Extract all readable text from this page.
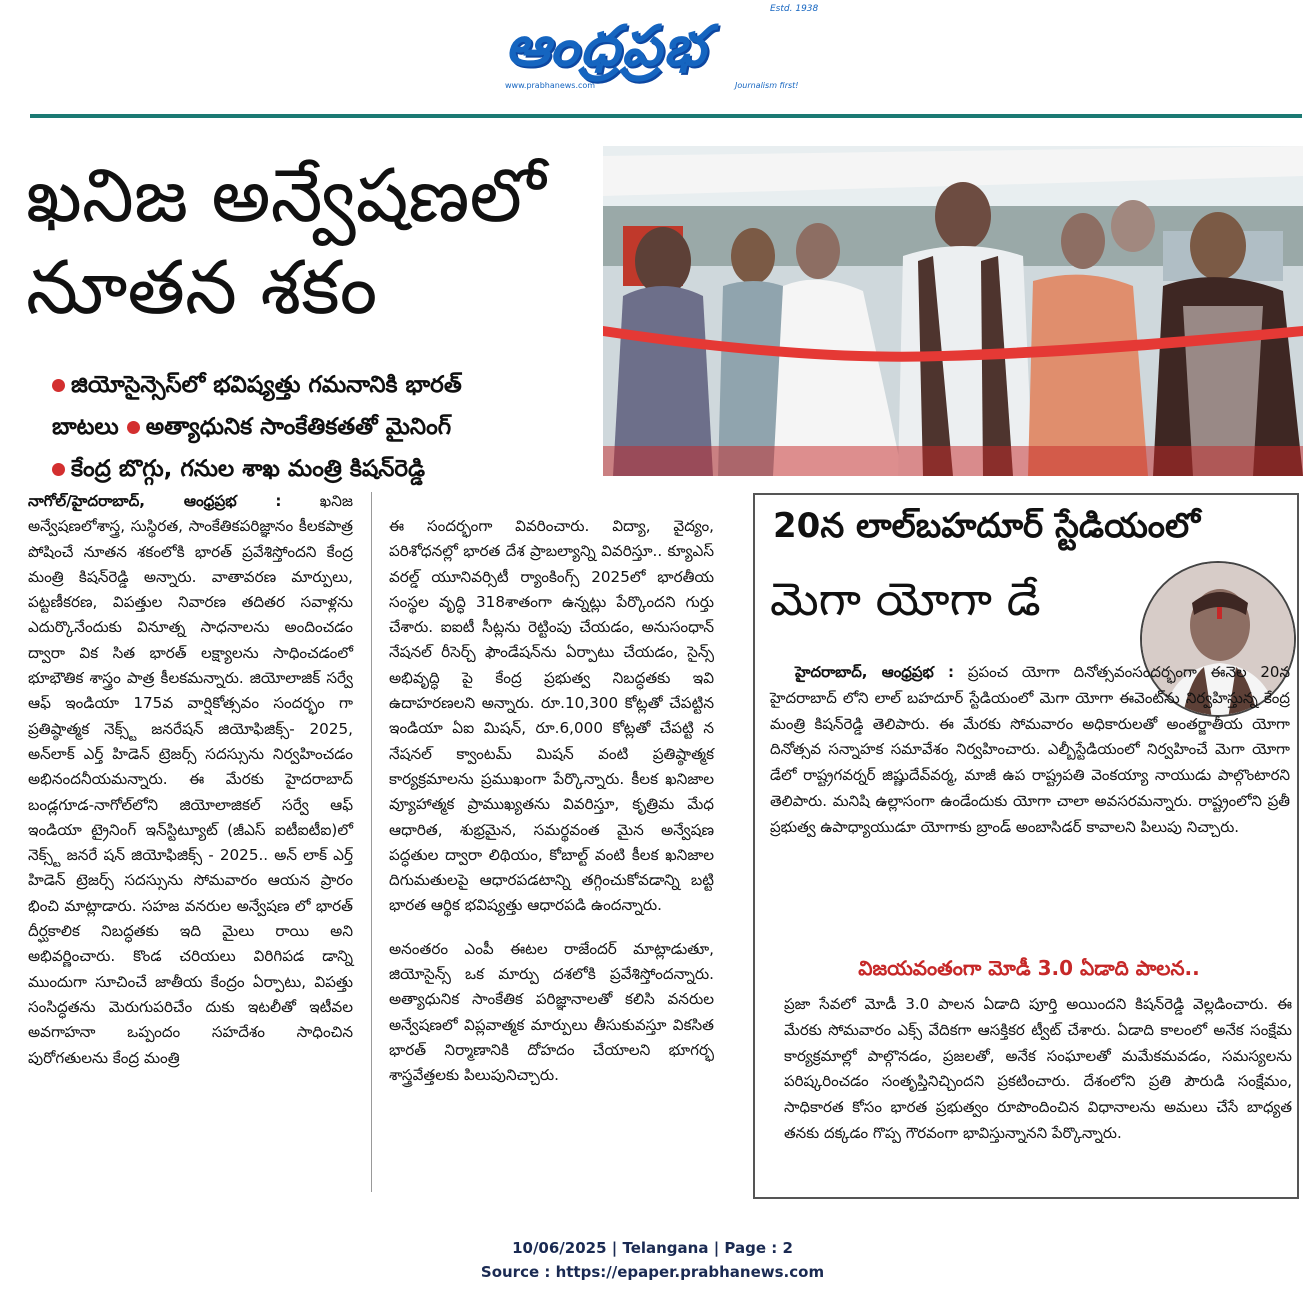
Estd. 1938
ఆంధ్రప్రభ
www.prabhanews.com	Journalism first!
ఖనిజ అన్వేషణలో
నూతన శకం
జియోసైన్సెస్‌లో భవిష్యత్తు గమనానికి భారత్
బాటలు అత్యాధునిక సాంకేతికతతో మైనింగ్
కేంద్ర బొగ్గు, గనుల శాఖ మంత్రి కిషన్‌రెడ్డి
నాగోల్/హైదరాబాద్, ఆంధ్రప్రభ :	ఖనిజ అన్వేషణలోశాస్త్ర, సుస్థిరత, సాంకేతికపరిజ్ఞానం కీలకపాత్ర పోషించే నూతన శకంలోకి భారత్ ప్రవేశిస్తోందని కేంద్ర మంత్రి కిషన్‌రెడ్డి అన్నారు. వాతావరణ మార్పులు, పట్టణీకరణ, విపత్తుల నివారణ తదితర సవాళ్లను ఎదుర్కొనేందుకు వినూత్న సాధనాలను అందించడం ద్వారా విక సిత భారత్ లక్ష్యాలను సాధించడంలో భూభౌతిక శాస్త్రం పాత్ర కీలకమన్నారు. జియోలాజిక్ సర్వే ఆఫ్ ఇండియా 175వ వార్షికోత్సవం సందర్భం గా ప్రతిష్ఠాత్మక నెక్స్ట్ జనరేషన్ జియోఫిజిక్స్- 2025, అన్‌లాక్ ఎర్త్ హిడెన్ ట్రెజర్స్ సదస్సును నిర్వహించడం అభినందనీయమన్నారు. ఈ మేరకు హైదరాబాద్ బండ్లగూడ-నాగోల్‌లోని జియోలాజికల్ సర్వే ఆఫ్ ఇండియా ట్రైనింగ్ ఇన్‌స్టిట్యూట్ (జీఎస్ ఐటీఐటీఐ)లో నెక్స్ట్ జనరే షన్ జియోఫిజిక్స్ - 2025.. అన్ లాక్ ఎర్త్ హిడెన్ ట్రెజర్స్ సదస్సును సోమవారం ఆయన ప్రారం భించి మాట్లాడారు. సహజ వనరుల అన్వేషణ లో భారత్ దీర్ఘకాలిక నిబద్ధతకు ఇది మైలు రాయి అని అభివర్ణించారు. కొండ చరియలు విరిగిపడ డాన్ని ముందుగా సూచించే జాతీయ కేంద్రం ఏర్పాటు, విపత్తు సంసిద్ధతను మెరుగుపరిచేం దుకు ఇటలీతో ఇటీవల అవగాహనా ఒప్పందం సహదేశం సాధించిన పురోగతులను కేంద్ర మంత్రి
ఈ సందర్భంగా వివరించారు. విద్యా, వైద్యం, పరిశోధనల్లో భారత దేశ ప్రాబల్యాన్ని వివరిస్తూ.. క్యూఎస్ వరల్డ్ యూనివర్సిటీ ర్యాంకింగ్స్ 2025లో భారతీయ సంస్థల వృద్ధి 318శాతంగా ఉన్నట్లు పేర్కొందని గుర్తు చేశారు. ఐఐటీ సీట్లను రెట్టింపు చేయడం, అనుసంధాన్ నేషనల్ రీసెర్చ్ ఫౌండేషన్‌ను ఏర్పాటు చేయడం, సైన్స్ అభివృద్ధి పై కేంద్ర ప్రభుత్వ నిబద్ధతకు ఇవి ఉదాహరణలని అన్నారు. రూ.10,300 కోట్లతో చేపట్టిన ఇండియా ఏఐ మిషన్, రూ.6,000 కోట్లతో చేపట్టి న నేషనల్ క్వాంటమ్ మిషన్ వంటి ప్రతిష్ఠాత్మక కార్యక్రమాలను ప్రముఖంగా పేర్కొన్నారు. కీలక ఖనిజాల వ్యూహాత్మక ప్రాముఖ్యతను వివరిస్తూ, కృత్రిమ మేధ ఆధారిత, శుభ్రమైన, సమర్థవంత మైన అన్వేషణ పద్ధతుల ద్వారా లిథియం, కోబాల్ట్ వంటి కీలక ఖనిజాల దిగుమతులపై ఆధారపడటాన్ని తగ్గించుకోవడాన్ని బట్టి భారత ఆర్థిక భవిష్యత్తు ఆధారపడి ఉందన్నారు.
అనంతరం ఎంపీ ఈటల రాజేందర్ మాట్లాడుతూ, జియోసైన్స్ ఒక మార్పు దశలోకి ప్రవేశిస్తోందన్నారు. అత్యాధునిక సాంకేతిక పరిజ్ఞానాలతో కలిసి వనరుల అన్వేషణలో విప్లవాత్మక మార్పులు తీసుకువస్తూ వికసిత భారత్ నిర్మాణానికి దోహదం చేయాలని భూగర్భ శాస్త్రవేత్తలకు పిలుపునిచ్చారు.
20న లాల్‌బహదూర్ స్టేడియంలో
మెగా యోగా డే
హైదరాబాద్, ఆంధ్రప్రభ : ప్రపంచ యోగా దినోత్సవంసందర్భంగా ఈనెల 20న హైదరాబాద్ లోని లాల్ బహదూర్ స్టేడియంలో మెగా యోగా ఈవెంట్‌ను నిర్వహిస్తున్న కేంద్ర మంత్రి కిషన్‌రెడ్డి తెలిపారు. ఈ మేరకు సోమవారం అధికారులతో అంతర్జాతీయ యోగా దినోత్సవ సన్నాహక సమావేశం నిర్వహించారు. ఎల్బీస్టేడియంలో నిర్వహించే మెగా యోగా డేలో రాష్ట్రగవర్నర్ జిష్ణుదేవ్‌వర్మ, మాజీ ఉప రాష్ట్రపతి వెంకయ్యా నాయుడు పాల్గొంటారని తెలిపారు. మనిషి ఉల్లాసంగా ఉండేందుకు యోగా చాలా అవసరమన్నారు. రాష్ట్రంలోని ప్రతీ ప్రభుత్వ ఉపాధ్యాయుడూ యోగాకు బ్రాండ్ అంబాసిడర్ కావాలని పిలుపు నిచ్చారు.
విజయవంతంగా మోడీ 3.0 ఏడాది పాలన..
ప్రజా సేవలో మోడీ 3.0 పాలన ఏడాది పూర్తి అయిందని కిషన్‌రెడ్డి వెల్లడించారు. ఈ మేరకు సోమవారం ఎక్స్ వేదికగా ఆసక్తికర ట్వీట్ చేశారు. ఏడాది కాలంలో అనేక సంక్షేమ కార్యక్రమాల్లో పాల్గొనడం, ప్రజలతో, అనేక సంఘాలతో మమేకమవడం, సమస్యలను పరిష్కరించడం సంతృప్తినిచ్చిందని ప్రకటించారు. దేశంలోని ప్రతి పౌరుడి సంక్షేమం, సాధికారత కోసం భారత ప్రభుత్వం రూపొందించిన విధానాలను అమలు చేసే బాధ్యత తనకు దక్కడం గొప్ప గౌరవంగా భావిస్తున్నానని పేర్కొన్నారు.
10/06/2025 | Telangana | Page : 2
Source : https://epaper.prabhanews.com
